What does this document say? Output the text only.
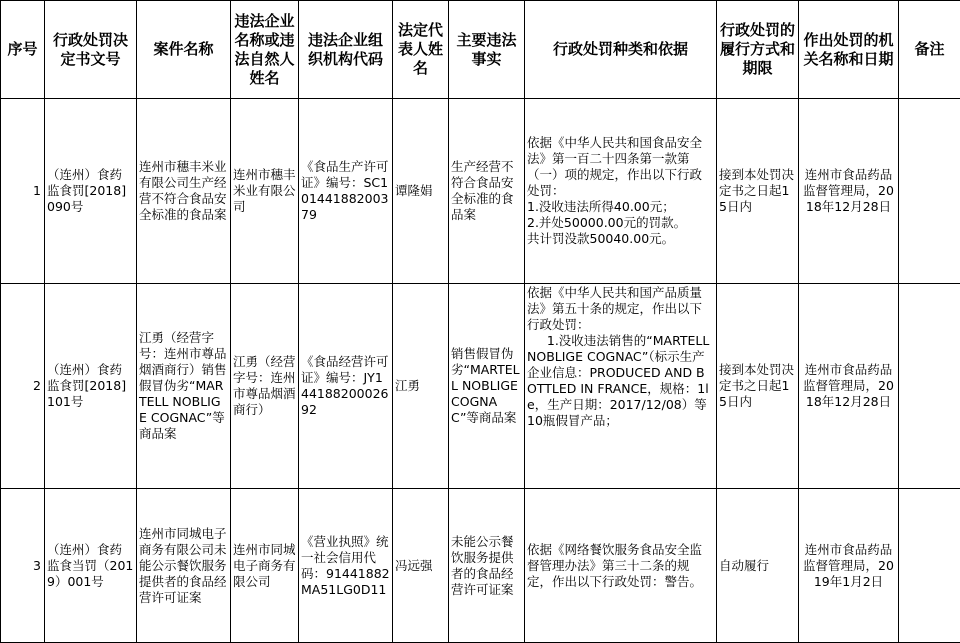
序号	行政处罚决定书文号	案件名称	违法企业名称或违法自然人姓名	违法企业组织机构代码	法定代表人姓名	主要违法事实	行政处罚种类和依据	行政处罚的履行方式和期限	作出处罚的机关名称和日期	备注
1	（连州）食药监食罚[2018]090号	连州市穗丰米业有限公司生产经营不符合食品安全标准的食品案	连州市穗丰米业有限公司	《食品生产许可证》编号：SC10144188200379	谭隆娟	生产经营不符合食品安全标准的食品案	依据《中华人民共和国食品安全法》第一百二十四条第一款第（一）项的规定，作出以下行政处罚：
1.没收违法所得40.00元；
2.并处50000.00元的罚款。
共计罚没款50040.00元。	接到本处罚决定书之日起15日内	连州市食品药品监督管理局，2018年12月28日	
2	（连州）食药监食罚[2018]101号	江勇（经营字号：连州市尊品烟酒商行）销售假冒伪劣“MARTELL NOBLIGE COGNAC”等商品案	江勇（经营字号：连州市尊品烟酒商行）	《食品经营许可证》编号：JY14418820002692	江勇	销售假冒伪劣“MARTELL NOBLIGE COGNAC”等商品案	依据《中华人民共和国产品质量法》第五十条的规定，作出以下行政处罚：
1.没收违法销售的“MARTELL NOBLIGE COGNAC”（标示生产企业信息：PRODUCED AND BOTTLED IN FRANCE，规格：1le，生产日期：2017/12/08）等10瓶假冒产品；	接到本处罚决定书之日起15日内	连州市食品药品监督管理局，2018年12月28日	
3	（连州）食药监食当罚（2019）001号	连州市同城电子商务有限公司未能公示餐饮服务提供者的食品经营许可证案	连州市同城电子商务有限公司	《营业执照》统一社会信用代码：91441882MA51LG0D11	冯远强	未能公示餐饮服务提供者的食品经营许可证案	依据《网络餐饮服务食品安全监督管理办法》第三十二条的规定，作出以下行政处罚：警告。	自动履行	连州市食品药品监督管理局，2019年1月2日	
